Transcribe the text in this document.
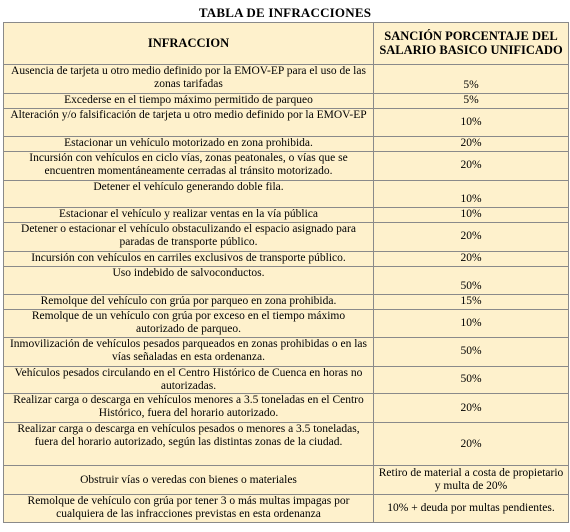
TABLA DE INFRACCIONES
INFRACCION	SANCIÓN PORCENTAJE DEL SALARIO BASICO UNIFICADO
Ausencia de tarjeta u otro medio definido por la EMOV-EP para el uso de las zonas tarifadas	5%
Excederse en el tiempo máximo permitido de parqueo	5%
Alteración y/o falsificación de tarjeta u otro medio definido por la EMOV-EP	10%
Estacionar un vehículo motorizado en zona prohibida.	20%
Incursión con vehículos en ciclo vías, zonas peatonales, o vías que se encuentren momentáneamente cerradas al tránsito motorizado.	20%
Detener el vehículo generando doble fila.	10%
Estacionar el vehículo y realizar ventas en la vía pública	10%
Detener o estacionar el vehículo obstaculizando el espacio asignado para paradas de transporte público.	20%
Incursión con vehículos en carriles exclusivos de transporte público.	20%
Uso indebido de salvoconductos.	50%
Remolque del vehículo con grúa por parqueo en zona prohibida.	15%
Remolque de un vehículo con grúa por exceso en el tiempo máximo autorizado de parqueo.	10%
Inmovilización de vehículos pesados parqueados en zonas prohibidas o en las vías señaladas en esta ordenanza.	50%
Vehículos pesados circulando en el Centro Histórico de Cuenca en horas no autorizadas.	50%
Realizar carga o descarga en vehículos menores a 3.5 toneladas en el Centro Histórico, fuera del horario autorizado.	20%
Realizar carga o descarga en vehículos pesados o menores a 3.5 toneladas, fuera del horario autorizado, según las distintas zonas de la ciudad.	20%
Obstruir vías o veredas con bienes o materiales	Retiro de material a costa de propietario y multa de 20%
Remolque de vehículo con grúa por tener 3 o más multas impagas por cualquiera de las infracciones previstas en esta ordenanza	10% + deuda por multas pendientes.
